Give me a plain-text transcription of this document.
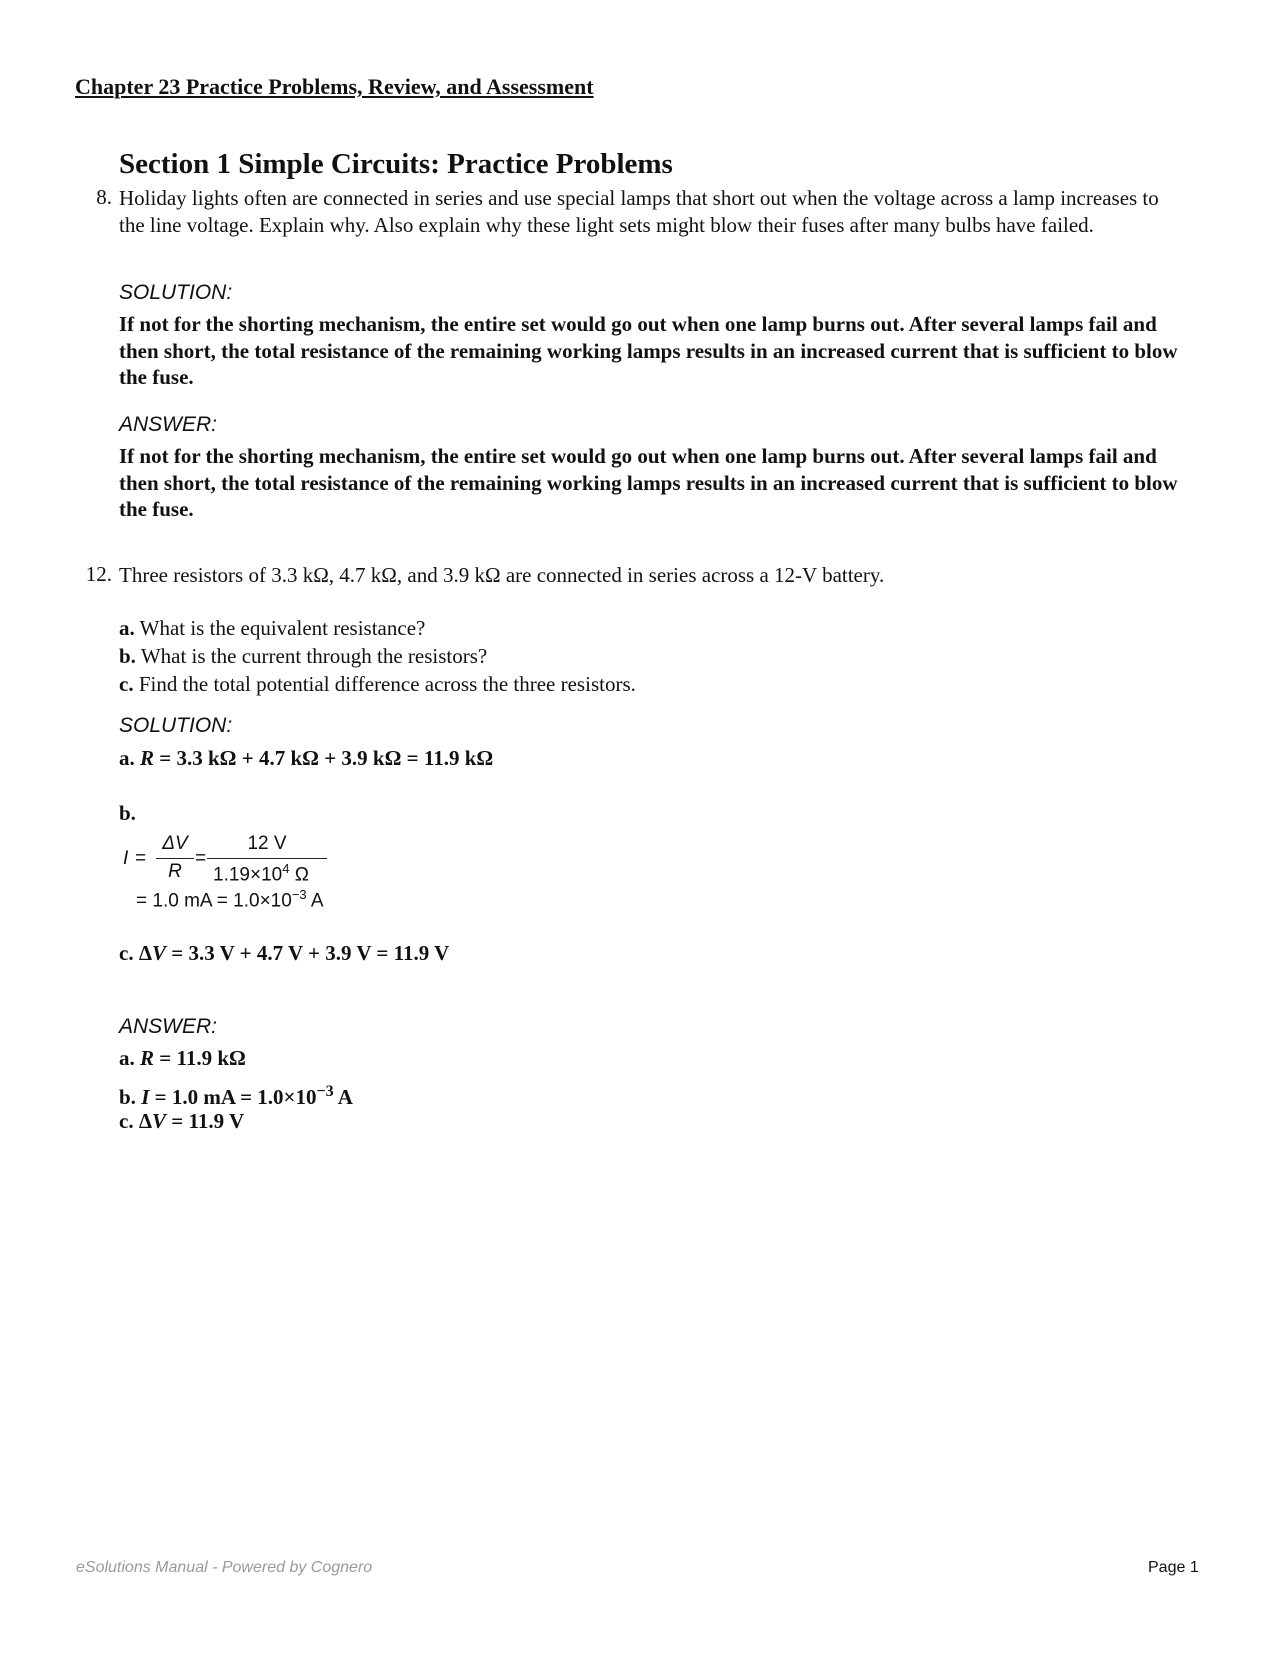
Chapter 23 Practice Problems, Review, and Assessment
Section 1 Simple Circuits: Practice Problems
8. Holiday lights often are connected in series and use special lamps that short out when the voltage across a lamp increases to the line voltage. Explain why. Also explain why these light sets might blow their fuses after many bulbs have failed.
SOLUTION:
If not for the shorting mechanism, the entire set would go out when one lamp burns out. After several lamps fail and then short, the total resistance of the remaining working lamps results in an increased current that is sufficient to blow the fuse.
ANSWER:
If not for the shorting mechanism, the entire set would go out when one lamp burns out. After several lamps fail and then short, the total resistance of the remaining working lamps results in an increased current that is sufficient to blow the fuse.
12. Three resistors of 3.3 kΩ, 4.7 kΩ, and 3.9 kΩ are connected in series across a 12-V battery.
a. What is the equivalent resistance?
b. What is the current through the resistors?
c. Find the total potential difference across the three resistors.
SOLUTION:
a. R = 3.3 kΩ + 4.7 kΩ + 3.9 kΩ = 11.9 kΩ
b.
I =
ΔV
R
=
12 V
$1.19\times 10^4$ Ω
= 1.0 mA = $1.0\times 10^{-3}$ A
c. ΔV = 3.3 V + 4.7 V + 3.9 V = 11.9 V
ANSWER:
a. R = 11.9 kΩ
b. I = 1.0 mA = $1.0\times 10^{-3}$ A
c. ΔV = 11.9 V
eSolutions Manual - Powered by Cognero	Page 1
